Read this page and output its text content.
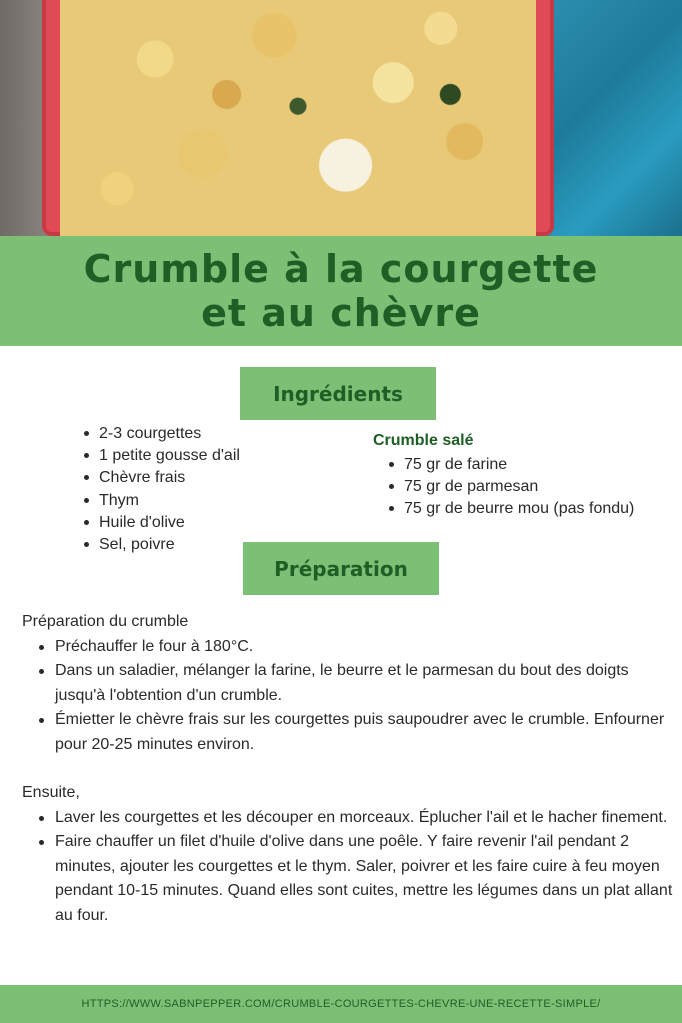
Crumble à la courgette
et au chèvre
Ingrédients
2-3 courgettes
1 petite gousse d'ail
Chèvre frais
Thym
Huile d'olive
Sel, poivre
Crumble salé
75 gr de farine
75 gr de parmesan
75 gr de beurre mou (pas fondu)
Préparation

Préparation du crumble

Préchauffer le four à 180°C.
Dans un saladier, mélanger la farine, le beurre et le parmesan du bout des doigts jusqu'à l'obtention d'un crumble.
Émietter le chèvre frais sur les courgettes puis saupoudrer avec le crumble. Enfourner pour 20-25 minutes environ.

Ensuite,

Laver les courgettes et les découper en morceaux. Éplucher l'ail et le hacher finement.
Faire chauffer un filet d'huile d'olive dans une poêle. Y faire revenir l'ail pendant 2 minutes, ajouter les courgettes et le thym. Saler, poivrer et les faire cuire à feu moyen pendant 10-15 minutes. Quand elles sont cuites, mettre les légumes dans un plat allant au four.
HTTPS://WWW.SABNPEPPER.COM/CRUMBLE-COURGETTES-CHEVRE-UNE-RECETTE-SIMPLE/
